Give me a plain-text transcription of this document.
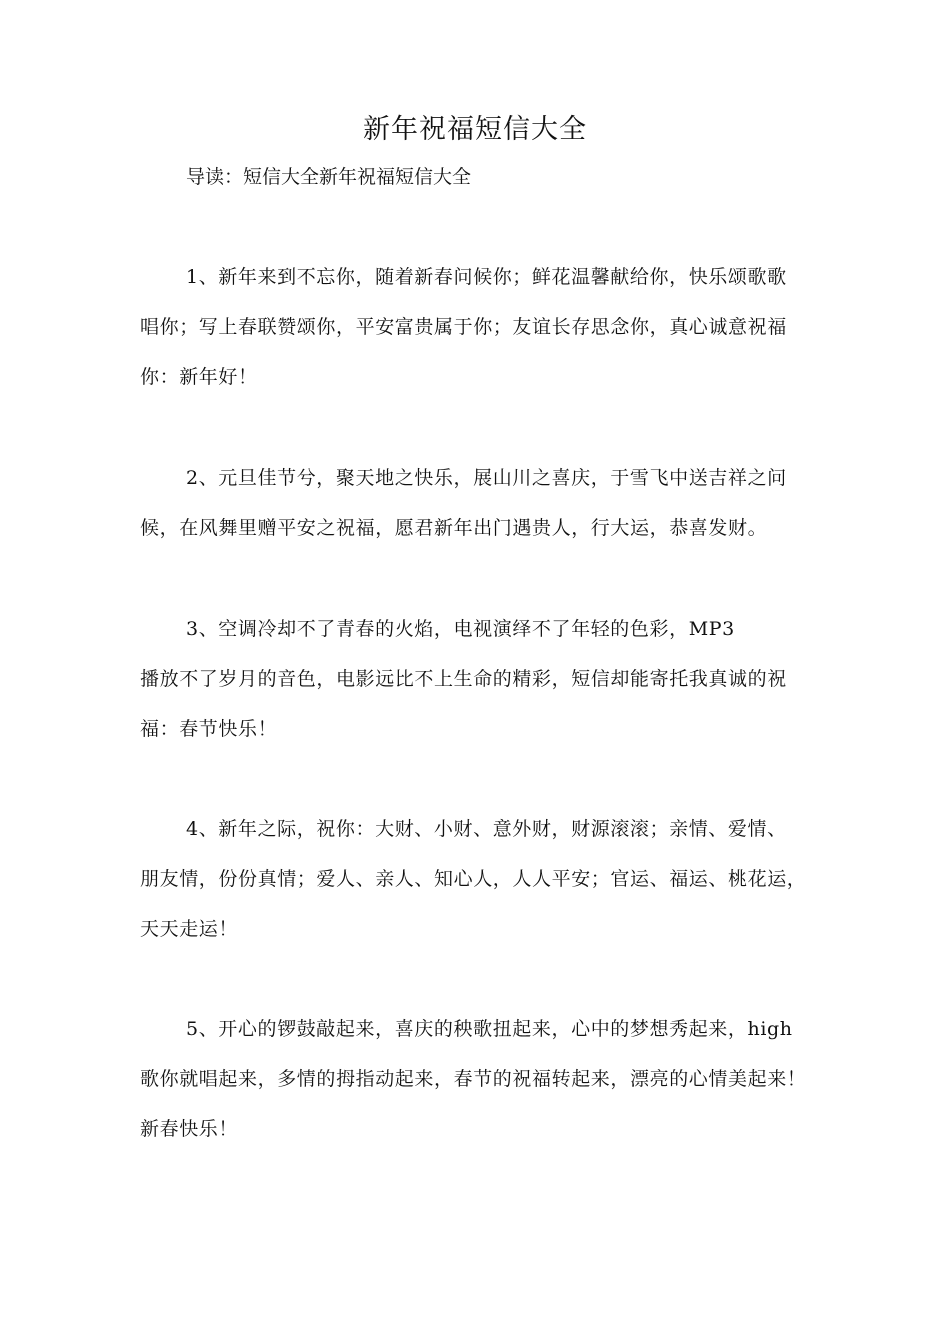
新年祝福短信大全

导读：短信大全新年祝福短信大全

1、新年来到不忘你，随着新春问候你；鲜花温馨献给你，快乐颂歌歌
唱你；写上春联赞颂你，平安富贵属于你；友谊长存思念你，真心诚意祝福
你：新年好！
2、元旦佳节兮，聚天地之快乐，展山川之喜庆，于雪飞中送吉祥之问
候，在风舞里赠平安之祝福，愿君新年出门遇贵人，行大运，恭喜发财。
3、空调冷却不了青春的火焰，电视演绎不了年轻的色彩，MP3
播放不了岁月的音色，电影远比不上生命的精彩，短信却能寄托我真诚的祝
福：春节快乐！
4、新年之际，祝你：大财、小财、意外财，财源滚滚；亲情、爱情、
朋友情，份份真情；爱人、亲人、知心人，人人平安；官运、福运、桃花运，
天天走运！
5、开心的锣鼓敲起来，喜庆的秧歌扭起来，心中的梦想秀起来，high
歌你就唱起来，多情的拇指动起来，春节的祝福转起来，漂亮的心情美起来！
新春快乐！
